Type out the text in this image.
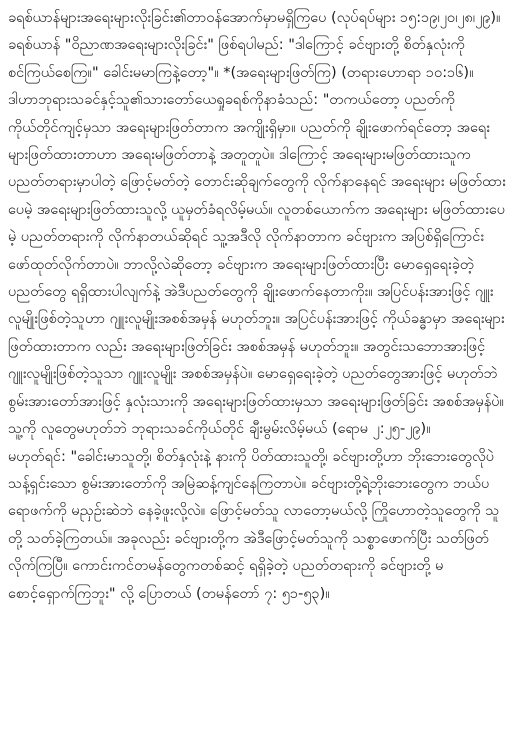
ခရစ်ယာန်များအရေးများလိုးခြင်း၏တာဝန်အောက်မှာမရှိကြပေ (လုပ်ရပ်များ ၁၅:၁၉၊၂၀၊၂၈၊၂၉)။ ခရစ်ယာန် "ဝိညာဏအရေးများလိုးခြင်း" ဖြစ်ရပါမည်: "ဒါကြောင့် ခင်ဗျားတို့ စိတ်နှလုံးကို စင်ကြယ်စေကြ။" ခေါင်းမမာကြနဲ့တော့"။ *(အရေးများဖြတ်ကြ) (တရားဟောရာ ၁၀:၁၆)။

ဒါဟာဘုရားသခင်နှင့်သူ၏သားတော်ယေရှုခရစ်ကိုနာခံသည်: "တကယ်တော့ ပညတ်ကို ကိုယ်တိုင်ကျင့်မှသာ အရေးများဖြတ်တာက အကျိုးရှိမှာ။ ပညတ်ကို ချိုးဖောက်ရင်တော့ အရေးများဖြတ်ထားတာဟာ အရေးမဖြတ်တာနဲ့ အတူတူပဲ။ ဒါကြောင့် အရေးများမဖြတ်ထားသူက ပညတ်တရားမှာပါတဲ့ ဖြောင့်မတ်တဲ့ တောင်းဆိုချက်တွေကို လိုက်နာနေရင် အရေးများ မဖြတ်ထားပေမဲ့ အရေးများဖြတ်ထားသူလို့ ယူမှတ်ခံရလိမ့်မယ်။ လူတစ်ယောက်က အရေးများ မဖြတ်ထားပေမဲ့ ပညတ်တရားကို လိုက်နာတယ်ဆိုရင် သူ့အဒီလို လိုက်နာတာက ခင်ဗျားက အပြစ်ရှိကြောင်း ဖော်ထုတ်လိုက်တာပဲ။ ဘာလို့လဲဆိုတော့ ခင်ဗျားက အရေးများဖြတ်ထားပြီး မောရှေရေးခဲ့တဲ့ ပညတ်တွေ ရရှိထားပါလျက်နဲ့ အဲဒီပညတ်တွေကို ချိုးဖောက်နေတာကိုး။ အပြင်ပန်းအားဖြင့် ဂျူးလူမျိုးဖြစ်တဲ့သူဟာ ဂျူးလူမျိုးအစစ်အမှန် မဟုတ်ဘူး။ အပြင်ပန်းအားဖြင့် ကိုယ်ခန္ဓာမှာ အရေးများ ဖြတ်ထားတာက လည်း အရေးများဖြတ်ခြင်း အစစ်အမှန် မဟုတ်ဘူး။ အတွင်းသဘောအားဖြင့် ဂျူးလူမျိုးဖြစ်တဲ့သူသာ ဂျူးလူမျိုး အစစ်အမှန်ပဲ။ မောရှေရေးခဲ့တဲ့ ပညတ်တွေအားဖြင့် မဟုတ်ဘဲ စွမ်းအားတော်အားဖြင့် နှလုံးသားကို အရေးများဖြတ်ထားမှသာ အရေးများဖြတ်ခြင်း အစစ်အမှန်ပဲ။ သူ့ကို လူတွေမဟုတ်ဘဲ ဘုရားသခင်ကိုယ်တိုင် ချီးမွမ်းလိမ့်မယ် (ရောမ ၂:၂၅-၂၉)။

မဟုတ်ရင်: "ခေါင်းမာသူတို့၊ စိတ်နှလုံးနဲ့ နားကို ပိတ်ထားသူတို့၊ ခင်ဗျားတို့ဟာ ဘိုးဘေးတွေလိုပဲ သန့်ရှင်းသော စွမ်းအားတော်ကို အမြဲဆန့်ကျင်နေကြတာပဲ။ ခင်ဗျားတို့ရဲ့ဘိုးဘေးတွေက ဘယ်ပရောဖက်ကို မညှဉ်းဆဲဘဲ နေခဲ့ဖူးလို့လဲ။ ဖြောင့်မတ်သူ လာတော့မယ်လို့ ကြိုဟောတဲ့သူတွေကို သူတို့ သတ်ခဲ့ကြတယ်။ အခုလည်း ခင်ဗျားတို့က အဲဒီဖြောင့်မတ်သူကို သစ္စာဖောက်ပြီး သတ်ဖြတ်လိုက်ကြပြီ။ ကောင်းကင်တမန်တွေကတစ်ဆင့် ရရှိခဲ့တဲ့ ပညတ်တရားကို ခင်ဗျားတို့ မစောင့်ရှောက်ကြဘူး" လို့ ပြောတယ် (တမန်တော် ၇: ၅၁-၅၃)။
